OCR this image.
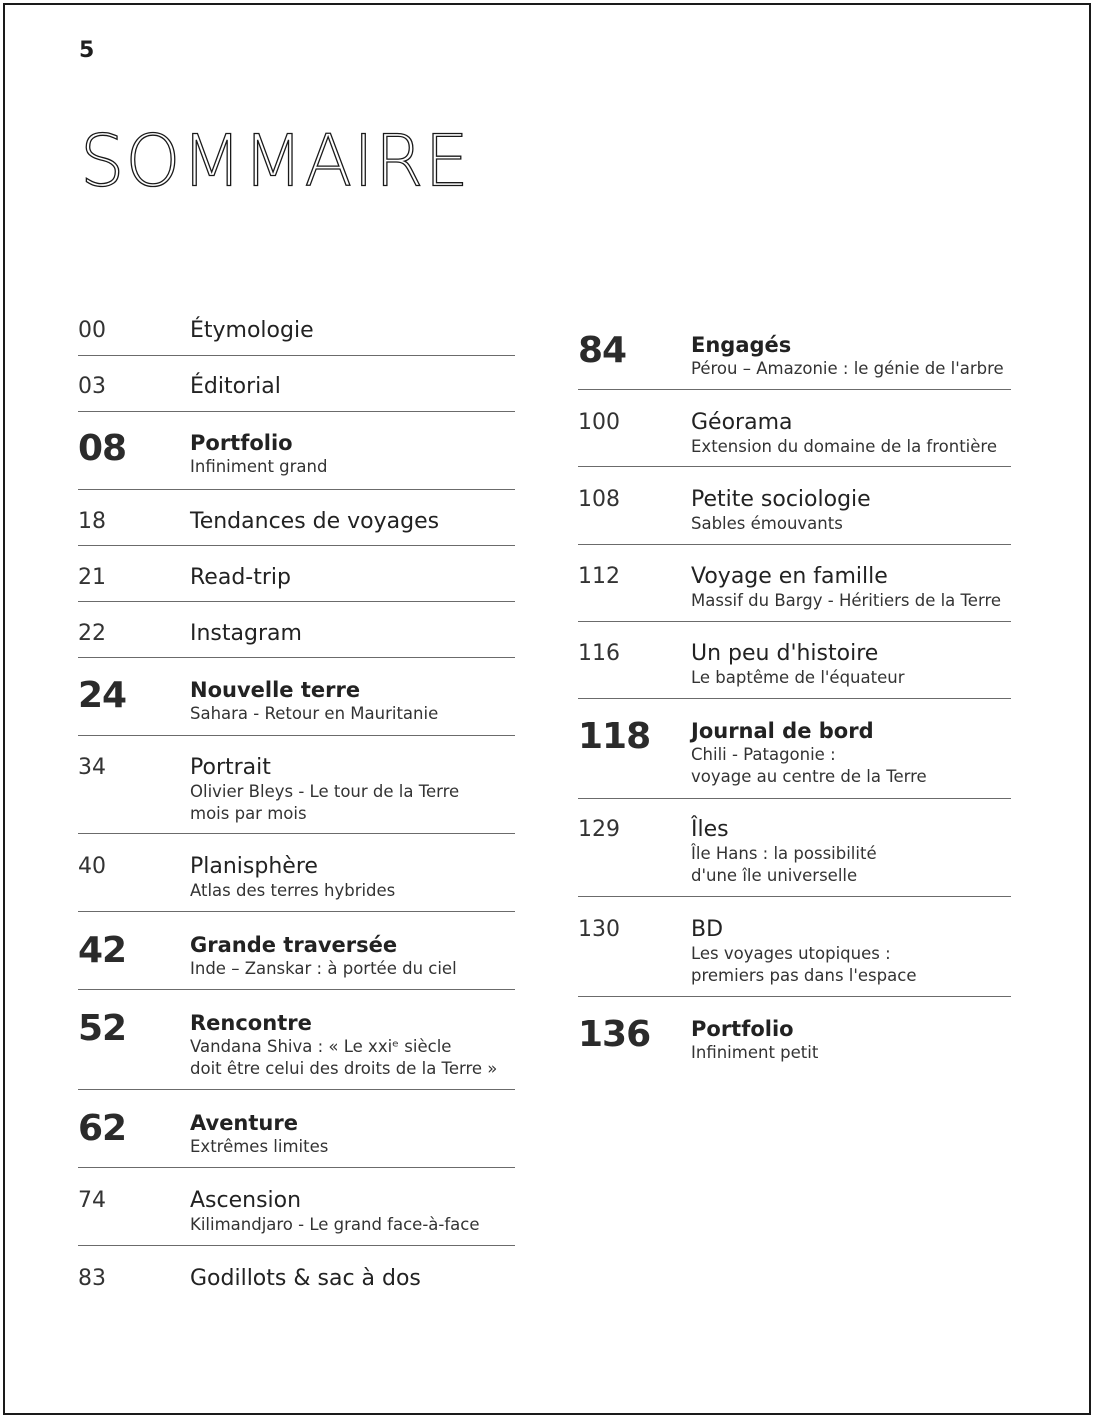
5
SOMMAIRE
00	Étymologie
03	Éditorial
08	Portfolio
Infiniment grand
18	Tendances de voyages
21	Read-trip
22	Instagram
24	Nouvelle terre
Sahara - Retour en Mauritanie
34	Portrait
Olivier Bleys - Le tour de la Terre
mois par mois
40	Planisphère
Atlas des terres hybrides
42	Grande traversée
Inde – Zanskar : à portée du ciel
52	Rencontre
Vandana Shiva : « Le xxiᵉ siècle
doit être celui des droits de la Terre »
62	Aventure
Extrêmes limites
74	Ascension
Kilimandjaro - Le grand face-à-face
83	Godillots & sac à dos
84	Engagés
Pérou – Amazonie : le génie de l'arbre
100	Géorama
Extension du domaine de la frontière
108	Petite sociologie
Sables émouvants
112	Voyage en famille
Massif du Bargy - Héritiers de la Terre
116	Un peu d'histoire
Le baptême de l'équateur
118 Journal de bord
Chili - Patagonie :
voyage au centre de la Terre
129	Îles
Île Hans : la possibilité
d'une île universelle
130	BD
Les voyages utopiques :
premiers pas dans l'espace
136 Portfolio
Infiniment petit
